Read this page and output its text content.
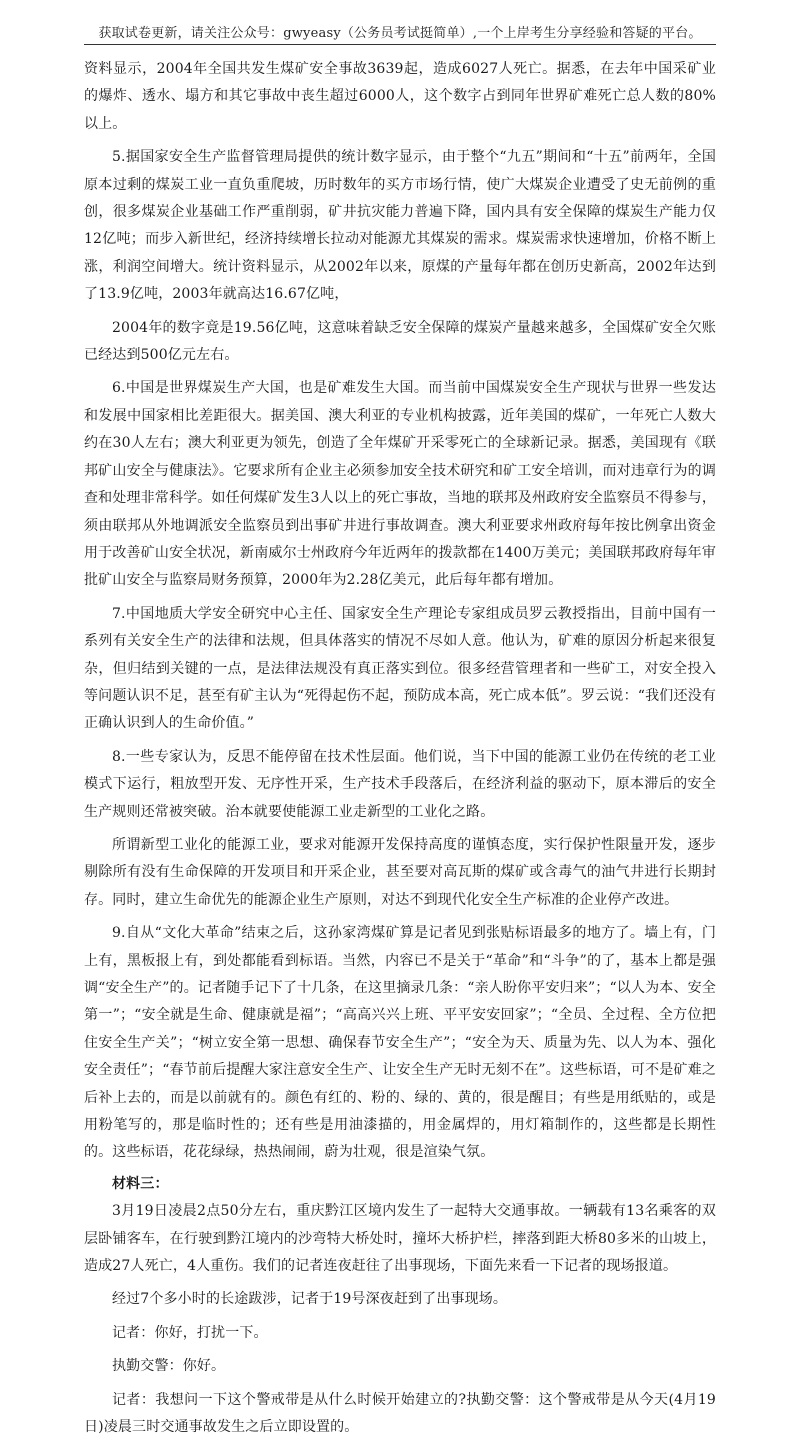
获取试卷更新，请关注公众号：gwyeasy（公务员考试挺简单）,一个上岸考生分享经验和答疑的平台。

资料显示，2004年全国共发生煤矿安全事故3639起，造成6027人死亡。据悉，在去年中国采矿业的爆炸、透水、塌方和其它事故中丧生超过6000人，这个数字占到同年世界矿难死亡总人数的80%以上。

5.据国家安全生产监督管理局提供的统计数字显示，由于整个“九五”期间和“十五”前两年，全国原本过剩的煤炭工业一直负重爬坡，历时数年的买方市场行情，使广大煤炭企业遭受了史无前例的重创，很多煤炭企业基础工作严重削弱，矿井抗灾能力普遍下降，国内具有安全保障的煤炭生产能力仅12亿吨；而步入新世纪，经济持续增长拉动对能源尤其煤炭的需求。煤炭需求快速增加，价格不断上涨，利润空间增大。统计资料显示，从2002年以来，原煤的产量每年都在创历史新高，2002年达到了13.9亿吨，2003年就高达16.67亿吨，

2004年的数字竟是19.56亿吨，这意味着缺乏安全保障的煤炭产量越来越多，全国煤矿安全欠账已经达到500亿元左右。

6.中国是世界煤炭生产大国，也是矿难发生大国。而当前中国煤炭安全生产现状与世界一些发达和发展中国家相比差距很大。据美国、澳大利亚的专业机构披露，近年美国的煤矿，一年死亡人数大约在30人左右；澳大利亚更为领先，创造了全年煤矿开采零死亡的全球新记录。据悉，美国现有《联邦矿山安全与健康法》。它要求所有企业主必须参加安全技术研究和矿工安全培训，而对违章行为的调查和处理非常科学。如任何煤矿发生3人以上的死亡事故，当地的联邦及州政府安全监察员不得参与，须由联邦从外地调派安全监察员到出事矿井进行事故调查。澳大利亚要求州政府每年按比例拿出资金用于改善矿山安全状况，新南威尔士州政府今年近两年的拨款都在1400万美元；美国联邦政府每年审批矿山安全与监察局财务预算，2000年为2.28亿美元，此后每年都有增加。

7.中国地质大学安全研究中心主任、国家安全生产理论专家组成员罗云教授指出，目前中国有一系列有关安全生产的法律和法规，但具体落实的情况不尽如人意。他认为，矿难的原因分析起来很复杂，但归结到关键的一点，是法律法规没有真正落实到位。很多经营管理者和一些矿工，对安全投入等问题认识不足，甚至有矿主认为“死得起伤不起，预防成本高，死亡成本低”。罗云说：“我们还没有正确认识到人的生命价值。”

8.一些专家认为，反思不能停留在技术性层面。他们说，当下中国的能源工业仍在传统的老工业模式下运行，粗放型开发、无序性开采，生产技术手段落后，在经济利益的驱动下，原本滞后的安全生产规则还常被突破。治本就要使能源工业走新型的工业化之路。

所谓新型工业化的能源工业，要求对能源开发保持高度的谨慎态度，实行保护性限量开发，逐步剔除所有没有生命保障的开发项目和开采企业，甚至要对高瓦斯的煤矿或含毒气的油气井进行长期封存。同时，建立生命优先的能源企业生产原则，对达不到现代化安全生产标准的企业停产改进。

9.自从“文化大革命”结束之后，这孙家湾煤矿算是记者见到张贴标语最多的地方了。墙上有，门上有，黑板报上有，到处都能看到标语。当然，内容已不是关于“革命”和“斗争”的了，基本上都是强调“安全生产”的。记者随手记下了十几条，在这里摘录几条：“亲人盼你平安归来”；“以人为本、安全第一”；“安全就是生命、健康就是福”；“高高兴兴上班、平平安安回家”；“全员、全过程、全方位把住安全生产关”；“树立安全第一思想、确保春节安全生产”；“安全为天、质量为先、以人为本、强化安全责任”；“春节前后提醒大家注意安全生产、让安全生产无时无刻不在”。这些标语，可不是矿难之后补上去的，而是以前就有的。颜色有红的、粉的、绿的、黄的，很是醒目；有些是用纸贴的，或是用粉笔写的，那是临时性的；还有些是用油漆描的，用金属焊的，用灯箱制作的，这些都是长期性的。这些标语，花花绿绿，热热闹闹，蔚为壮观，很是渲染气氛。

材料三：

3月19日凌晨2点50分左右，重庆黔江区境内发生了一起特大交通事故。一辆载有13名乘客的双层卧铺客车，在行驶到黔江境内的沙弯特大桥处时，撞坏大桥护栏，摔落到距大桥80多米的山坡上，造成27人死亡，4人重伤。我们的记者连夜赶往了出事现场，下面先来看一下记者的现场报道。

经过7个多小时的长途跋涉，记者于19号深夜赶到了出事现场。

记者：你好，打扰一下。

执勤交警：你好。

记者：我想问一下这个警戒带是从什么时候开始建立的?执勤交警：这个警戒带是从今天(4月19日)凌晨三时交通事故发生之后立即设置的。
